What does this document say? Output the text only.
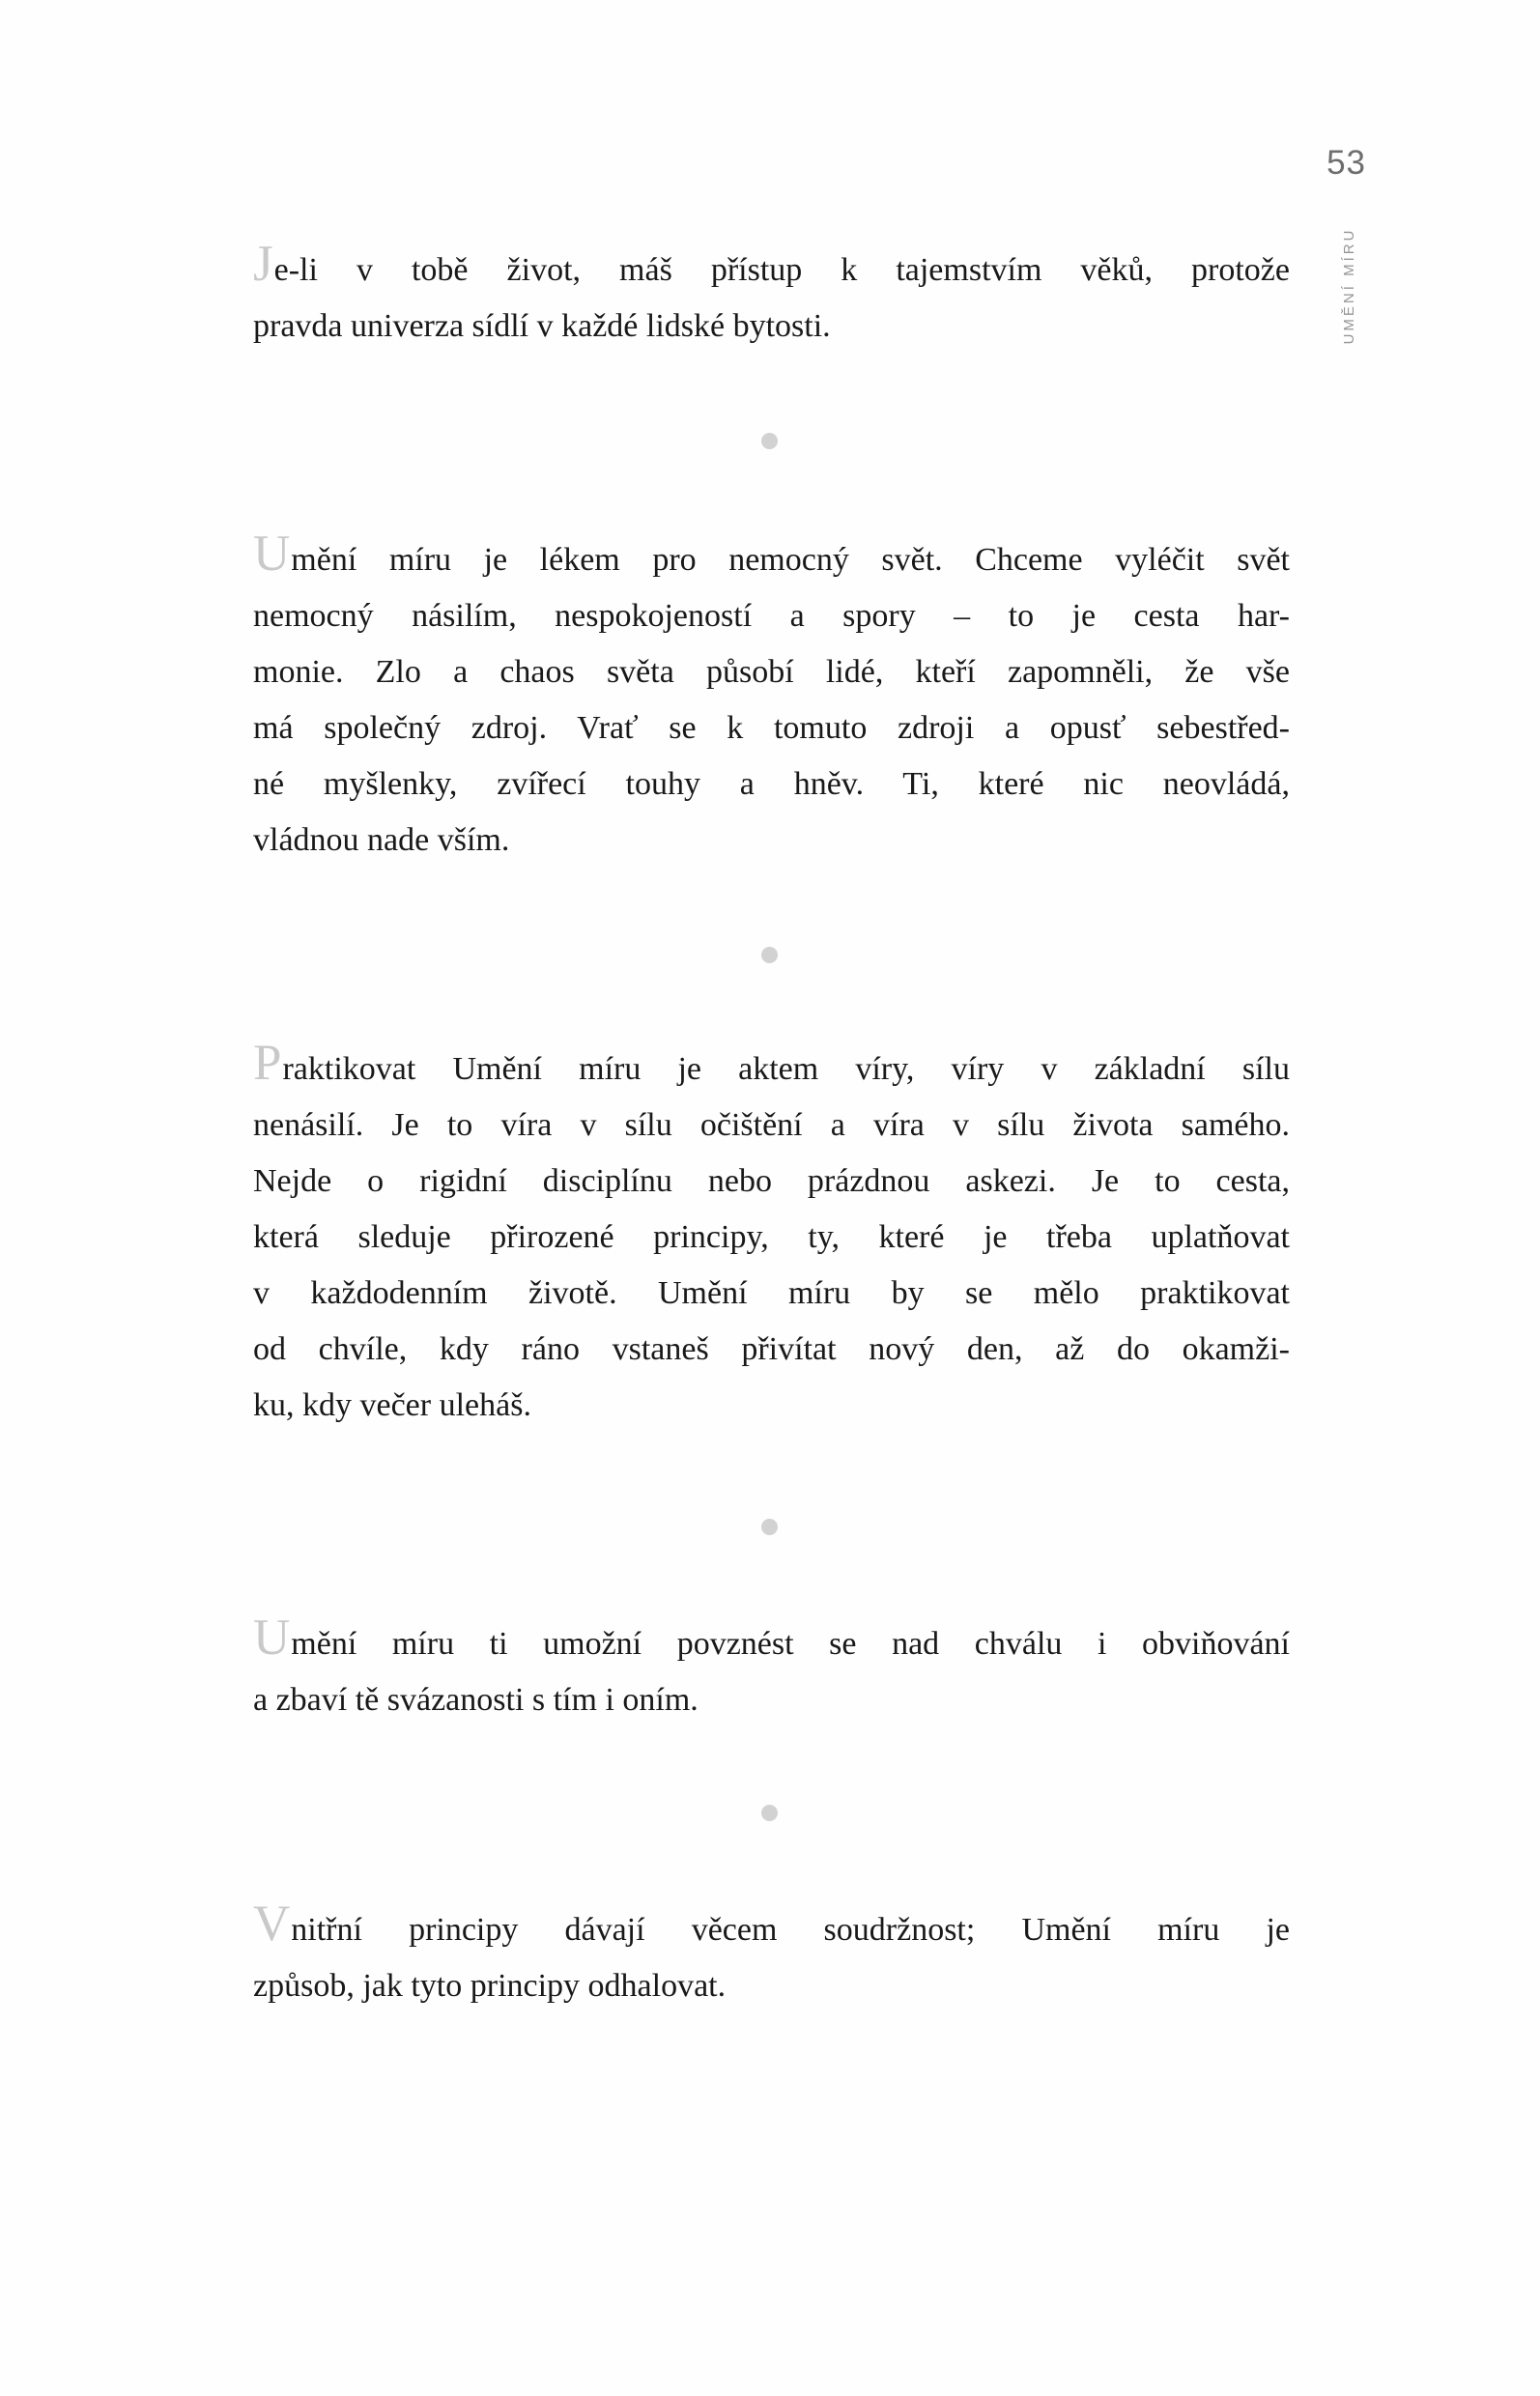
53
UMĚNÍ MÍRU
Je-li v tobě život, máš přístup k tajemstvím věků, protože
pravda univerza sídlí v každé lidské bytosti.
Umění míru je lékem pro nemocný svět. Chceme vyléčit svět
nemocný násilím, nespokojeností a spory – to je cesta har-
monie. Zlo a chaos světa působí lidé, kteří zapomněli, že vše
má společný zdroj. Vrať se k tomuto zdroji a opusť sebestřed-
né myšlenky, zvířecí touhy a hněv. Ti, které nic neovládá,
vládnou nade vším.
Praktikovat Umění míru je aktem víry, víry v základní sílu
nenásilí. Je to víra v sílu očištění a víra v sílu života samého.
Nejde o rigidní disciplínu nebo prázdnou askezi. Je to cesta,
která sleduje přirozené principy, ty, které je třeba uplatňovat
v každodenním životě. Umění míru by se mělo praktikovat
od chvíle, kdy ráno vstaneš přivítat nový den, až do okamži-
ku, kdy večer uleháš.
Umění míru ti umožní povznést se nad chválu i obviňování
a zbaví tě svázanosti s tím i oním.
Vnitřní principy dávají věcem soudržnost; Umění míru je
způsob, jak tyto principy odhalovat.
